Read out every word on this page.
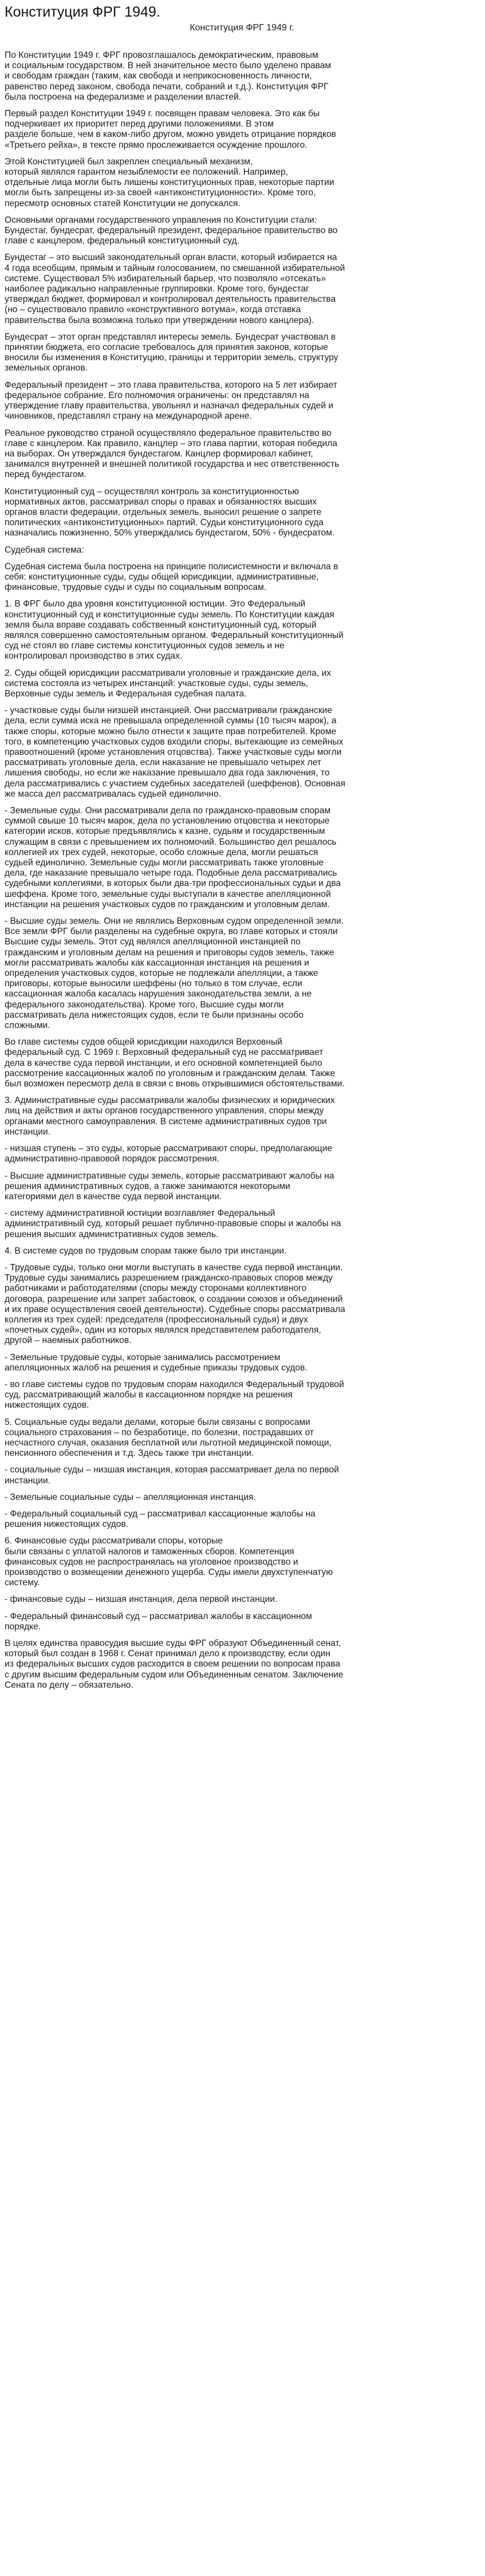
Конституция ФРГ 1949.
Конституция ФРГ 1949 г.

По Конституции 1949 г. ФРГ провозглашалось демократическим, правовым
и социальным государством. В ней значительное место было уделено правам
и свободам граждан (таким, как свобода и неприкосновенность личности,
равенство перед законом, свобода печати, собраний и т.д.). Конституция ФРГ
была построена на федерализме и разделении властей.

Первый раздел Конституции 1949 г. посвящен правам человека. Это как бы
подчеркивает их приоритет перед другими положениями. В этом
разделе больше, чем в каком-либо другом, можно увидеть отрицание порядков
«Третьего рейха», в тексте прямо прослеживается осуждение прошлого.

Этой Конституцией был закреплен специальный механизм,
который являлся гарантом незыблемости ее положений. Например,
отдельные лица могли быть лишены конституционных прав, некоторые партии
могли быть запрещены из-за своей «антиконституционности». Кроме того,
пересмотр основных статей Конституции не допускался.

Основными органами государственного управления по Конституции стали:
Бундестаг, бундесрат, федеральный президент, федеральное правительство во
главе с канцлером, федеральный конституционный суд.

Бундестаг – это высший законодательный орган власти, который избирается на
4 года всеобщим, прямым и тайным голосованием, по смешанной избирательной
системе. Существовал 5% избирательный барьер, что позволяло «отсекать»
наиболее радикально направленные группировки. Кроме того, бундестаг
утверждал бюджет, формировал и контролировал деятельность правительства
(но – существовало правило «конструктивного вотума», когда отставка
правительства была возможна только при утверждении нового канцлера).

Бундесрат – этот орган представлял интересы земель. Бундесрат участвовал в
принятии бюджета, его согласие требовалось для принятия законов, которые
вносили бы изменения в Конституцию, границы и территории земель, структуру
земельных органов.

Федеральный президент – это глава правительства, которого на 5 лет избирает
федеральное собрание. Его полномочия ограничены: он представлял на
утверждение главу правительства, увольнял и назначал федеральных судей и
чиновников, представлял страну на международной арене.

Реальное руководство страной осуществляло федеральное правительство во
главе с канцлером. Как правило, канцлер – это глава партии, которая победила
на выборах. Он утверждался бундестагом. Канцлер формировал кабинет,
занимался внутренней и внешней политикой государства и нес ответственность
перед бундестагом.

Конституционный суд – осуществлял контроль за конституционностью
нормативных актов, рассматривал споры о правах и обязанностях высших
органов власти федерации, отдельных земель, выносил решение о запрете
политических «антиконституционных» партий. Судьи конституционного суда
назначались пожизненно, 50% утверждались бундестагом, 50% - бундесратом.

Судебная система:

Судебная система была построена на принципе полисистемности и включала в
себя: конституционные суды, суды общей юрисдикции, административные,
финансовые, трудовые суды и суды по социальным вопросам.

1. В ФРГ было два уровня конституционной юстиции. Это Федеральный
конституционный суд и конституционные суды земель. По Конституции каждая
земля была вправе создавать собственный конституционный суд, который
являлся совершенно самостоятельным органом. Федеральный конституционный
суд не стоял во главе системы конституционных судов земель и не
контролировал производство в этих судах.

2. Суды общей юрисдикции рассматривали уголовные и гражданские дела, их
система состояла из четырех инстанций: участковые суды, суды земель,
Верховные суды земель и Федеральная судебная палата.

- участковые суды были низшей инстанцией. Они рассматривали гражданские
дела, если сумма иска не превышала определенной суммы (10 тысяч марок), а
также споры, которые можно было отнести к защите прав потребителей. Кроме
того, в компетенцию участковых судов входили споры, вытекающие из семейных
правоотношений (кроме установления отцовства). Также участковые суды могли
рассматривать уголовные дела, если наказание не превышало четырех лет
лишения свободы, но если же наказание превышало два года заключения, то
дела рассматривались с участием судебных заседателей (шеффенов). Основная
же масса дел рассматривалась судьей единолично.

- Земельные суды. Они рассматривали дела по гражданско-правовым спорам
суммой свыше 10 тысяч марок, дела по установлению отцовства и некоторые
категории исков, которые предъявлялись к казне, судьям и государственным
служащим в связи с превышением их полномочий. Большинство дел решалось
коллегией их трех судей, некоторые, особо сложные дела, могли решаться
судьей единолично. Земельные суды могли рассматривать также уголовные
дела, где наказание превышало четыре года. Подобные дела рассматривались
судебными коллегиями, в которых были два-три профессиональных судьи и два
шеффена. Кроме того, земельные суды выступали в качестве апелляционной
инстанции на решения участковых судов по гражданским и уголовным делам.

- Высшие суды земель. Они не являлись Верховным судом определенной земли.
Все земли ФРГ были разделены на судебные округа, во главе которых и стояли
Высшие суды земель. Этот суд являлся апелляционной инстанцией по
гражданским и уголовным делам на решения и приговоры судов земель, также
могли рассматривать жалобы как кассационная инстанция на решения и
определения участковых судов, которые не подлежали апелляции, а также
приговоры, которые выносили шеффены (но только в том случае, если
кассационная жалоба касалась нарушения законодательства земли, а не
федерального законодательства). Кроме того, Высшие суды могли
рассматривать дела нижестоящих судов, если те были признаны особо
сложными.

Во главе системы судов общей юрисдикции находился Верховный
федеральный суд. С 1969 г. Верховный федеральный суд не рассматривает
дела в качестве суда первой инстанции, и его основной компетенцией было
рассмотрение кассационных жалоб по уголовным и гражданским делам. Также
был возможен пересмотр дела в связи с вновь открывшимися обстоятельствами.

3. Административные суды рассматривали жалобы физических и юридических
лиц на действия и акты органов государственного управления, споры между
органами местного самоуправления. В системе административных судов три
инстанции.

- низшая ступень – это суды, которые рассматривают споры, предполагающие
административно-правовой порядок рассмотрения.

- Высшие административные суды земель, которые рассматривают жалобы на
решения административных судов, а также занимаются некоторыми
категориями дел в качестве суда первой инстанции.

- систему административной юстиции возглавляет Федеральный
административный суд, который решает публично-правовые споры и жалобы на
решения высших административных судов земель.

4. В системе судов по трудовым спорам также было три инстанции.

- Трудовые суды, только они могли выступать в качестве суда первой инстанции.
Трудовые суды занимались разрешением гражданско-правовых споров между
работниками и работодателями (споры между сторонами коллективного
договора, разрешение или запрет забастовок, о создании союзов и объединений
и их праве осуществления своей деятельности). Судебные споры рассматривала
коллегия из трех судей: председателя (профессиональный судья) и двух
«почетных судей», один из которых являлся представителем работодателя,
другой – наемных работников.

- Земельные трудовые суды, которые занимались рассмотрением
апелляционных жалоб на решения и судебные приказы трудовых судов.

- во главе системы судов по трудовым спорам находился Федеральный трудовой
суд, рассматривающий жалобы в кассационном порядке на решения
нижестоящих судов.

5. Социальные суды ведали делами, которые были связаны с вопросами
социального страхования – по безработице, по болезни, пострадавших от
несчастного случая, оказания бесплатной или льготной медицинской помощи,
пенсионного обеспечения и т.д. Здесь также три инстанции.

- социальные суды – низшая инстанция, которая рассматривает дела по первой
инстанции.

- Земельные социальные суды – апелляционная инстанция.

- Федеральный социальный суд – рассматривал кассационные жалобы на
решения нижестоящих судов.

6. Финансовые суды рассматривали споры, которые
были связаны с уплатой налогов и таможенных сборов. Компетенция
финансовых судов не распространялась на уголовное производство и
производство о возмещении денежного ущерба. Суды имели двухступенчатую
систему.

- финансовые суды – низшая инстанция, дела первой инстанции.

- Федеральный финансовый суд – рассматривал жалобы в кассационном
порядке.

В целях единства правосудия высшие суды ФРГ образуют Объединенный сенат,
который был создан в 1968 г. Сенат принимал дело к производству, если один
из федеральных высших судов расходится в своем решении по вопросам права
с другим высшим федеральным судом или Объединенным сенатом. Заключение
Сената по делу – обязательно.
